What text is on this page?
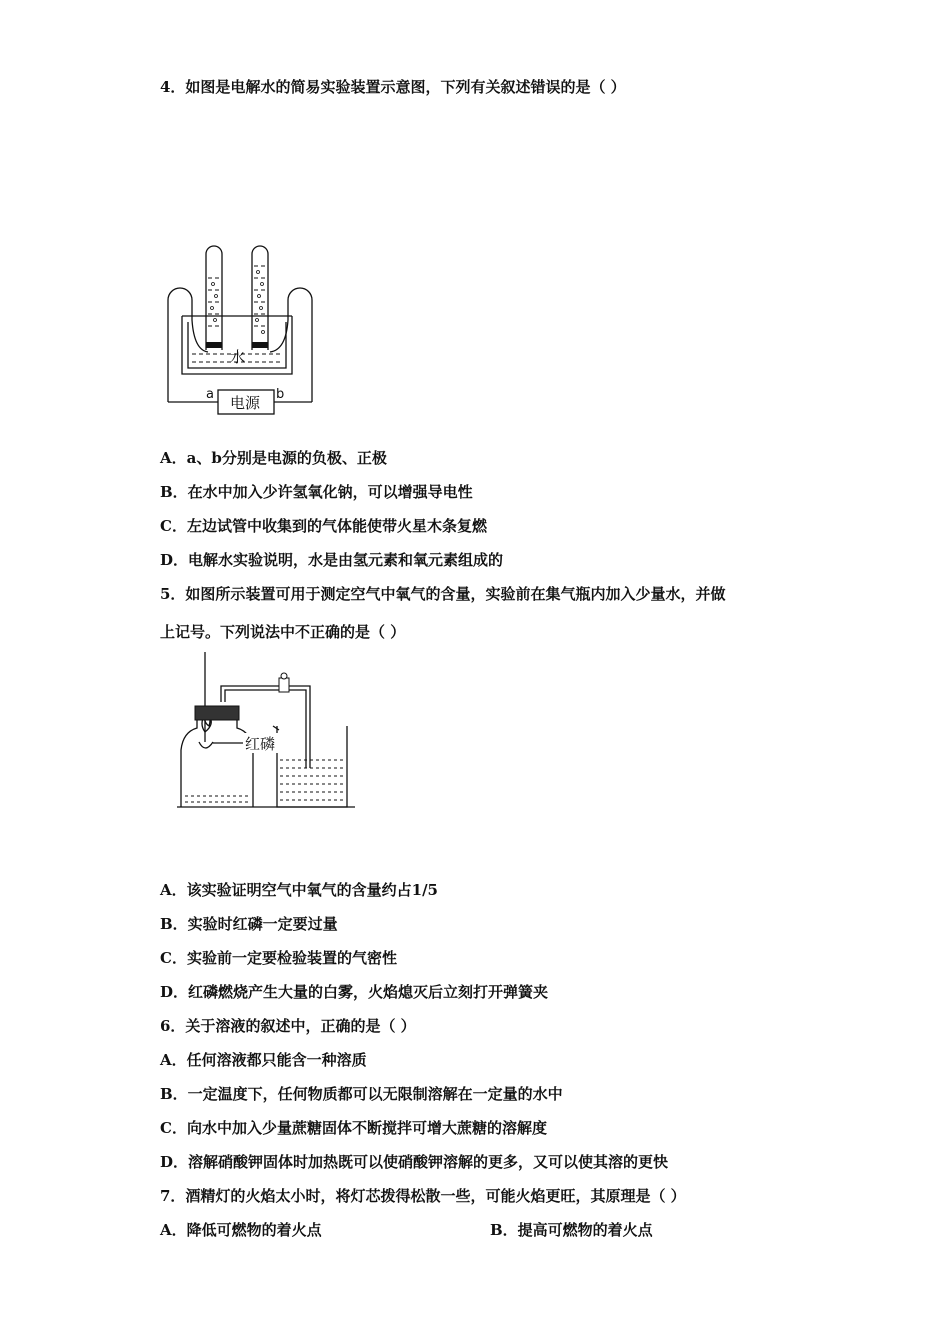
4．如图是电解水的简易实验装置示意图，下列有关叙述错误的是（ ）
电源
水
a	b
A．a、b分别是电源的负极、正极
B．在水中加入少许氢氧化钠，可以增强导电性
C．左边试管中收集到的气体能使带火星木条复燃
D．电解水实验说明，水是由氢元素和氧元素组成的
5．如图所示装置可用于测定空气中氧气的含量，实验前在集气瓶内加入少量水，并做
上记号。下列说法中不正确的是（ ）
红磷
A．该实验证明空气中氧气的含量约占1/5
B．实验时红磷一定要过量
C．实验前一定要检验装置的气密性
D．红磷燃烧产生大量的白雾，火焰熄灭后立刻打开弹簧夹
6．关于溶液的叙述中，正确的是（ ）
A．任何溶液都只能含一种溶质
B．一定温度下，任何物质都可以无限制溶解在一定量的水中
C．向水中加入少量蔗糖固体不断搅拌可增大蔗糖的溶解度
D．溶解硝酸钾固体时加热既可以使硝酸钾溶解的更多，又可以使其溶的更快
7．酒精灯的火焰太小时，将灯芯拨得松散一些，可能火焰更旺，其原理是（ ）
A．降低可燃物的着火点	B．提高可燃物的着火点
